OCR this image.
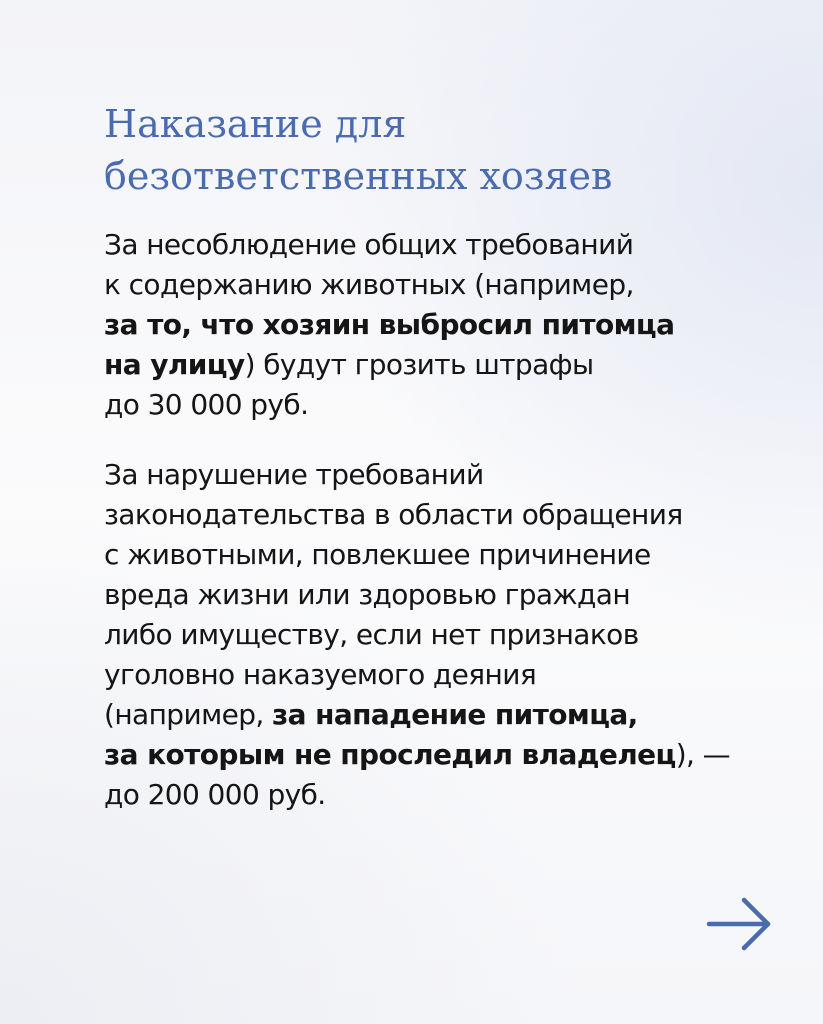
Наказание для
безответственных хозяев

За несоблюдение общих требований
к содержанию животных (например,
за то, что хозяин выбросил питомца
на улицу) будут грозить штрафы
до 30 000 руб.

За нарушение требований
законодательства в области обращения
с животными, повлекшее причинение
вреда жизни или здоровью граждан
либо имуществу, если нет признаков
уголовно наказуемого деяния
(например, за нападение питомца,
за которым не проследил владелец), —
до 200 000 руб.
